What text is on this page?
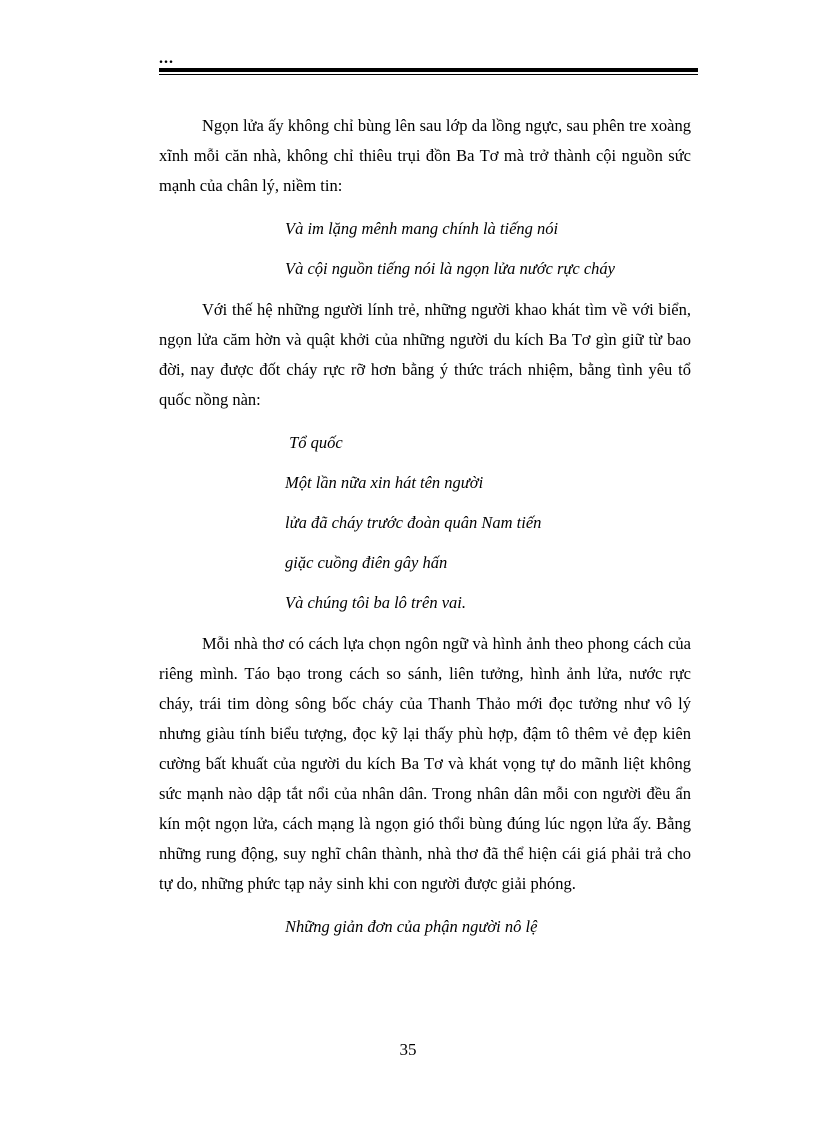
...

Ngọn lửa ấy không chỉ bùng lên sau lớp da lồng ngực, sau phên tre xoàng xĩnh mỗi căn nhà, không chỉ thiêu trụi đồn Ba Tơ mà trở thành cội nguồn sức mạnh của chân lý, niềm tin:

Và im lặng mênh mang chính là tiếng nói

Và cội nguồn tiếng nói là ngọn lửa nước rực cháy

Với thế hệ những người lính trẻ, những người khao khát tìm về với biển, ngọn lửa căm hờn và quật khởi của những người du kích Ba Tơ gìn giữ từ bao đời, nay được đốt cháy rực rỡ hơn bằng ý thức trách nhiệm, bằng tình yêu tổ quốc nồng nàn:

Tổ quốc

Một lần nữa xin hát tên người

lửa đã cháy trước đoàn quân Nam tiến

giặc cuồng điên gây hấn

Và chúng tôi ba lô trên vai.

Mỗi nhà thơ có cách lựa chọn ngôn ngữ và hình ảnh theo phong cách của riêng mình. Táo bạo trong cách so sánh, liên tưởng, hình ảnh lửa, nước rực cháy, trái tim dòng sông bốc cháy của Thanh Thảo mới đọc tưởng như vô lý nhưng giàu tính biểu tượng, đọc kỹ lại thấy phù hợp, đậm tô thêm vẻ đẹp kiên cường bất khuất của người du kích Ba Tơ và khát vọng tự do mãnh liệt không sức mạnh nào dập tắt nổi của nhân dân. Trong nhân dân mỗi con người đều ẩn kín một ngọn lửa, cách mạng là ngọn gió thổi bùng đúng lúc ngọn lửa ấy. Bằng những rung động, suy nghĩ chân thành, nhà thơ đã thể hiện cái giá phải trả cho tự do, những phức tạp nảy sinh khi con người được giải phóng.

Những giản đơn của phận người nô lệ

35
